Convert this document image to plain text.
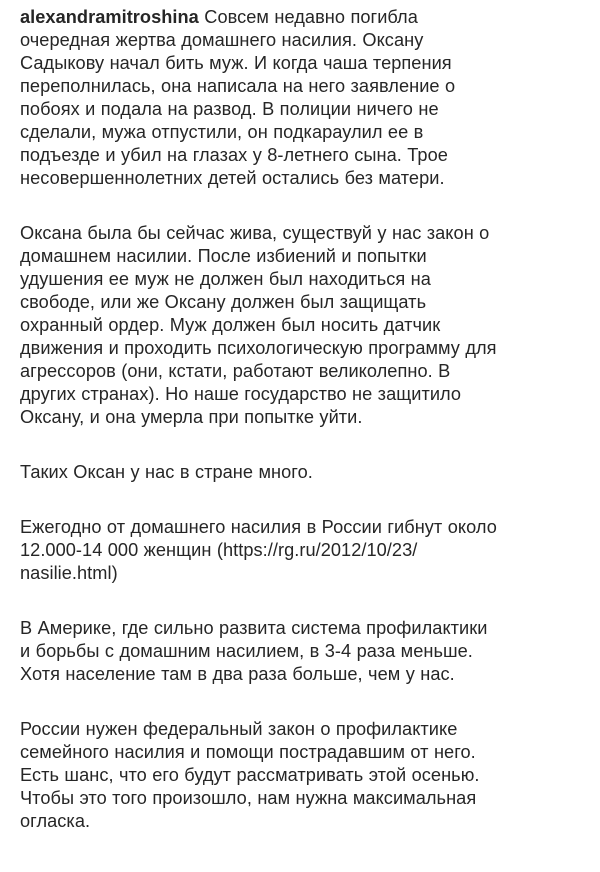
alexandramitroshina Совсем недавно погибла
очередная жертва домашнего насилия. Оксану
Садыкову начал бить муж. И когда чаша терпения
переполнилась, она написала на него заявление о
побоях и подала на развод. В полиции ничего не
сделали, мужа отпустили, он подкараулил ее в
подъезде и убил на глазах у 8-летнего сына. Трое
несовершеннолетних детей остались без матери.

Оксана была бы сейчас жива, существуй у нас закон о
домашнем насилии. После избиений и попытки
удушения ее муж не должен был находиться на
свободе, или же Оксану должен был защищать
охранный ордер. Муж должен был носить датчик
движения и проходить психологическую программу для
агрессоров (они, кстати, работают великолепно. В
других странах). Но наше государство не защитило
Оксану, и она умерла при попытке уйти.

Таких Оксан у нас в стране много.

Ежегодно от домашнего насилия в России гибнут около
12.000-14 000 женщин (https://rg.ru/2012/10/23/
nasilie.html)

В Америке, где сильно развита система профилактики
и борьбы с домашним насилием, в 3-4 раза меньше.
Хотя население там в два раза больше, чем у нас.

России нужен федеральный закон о профилактике
семейного насилия и помощи пострадавшим от него.
Есть шанс, что его будут рассматривать этой осенью.
Чтобы это того произошло, нам нужна максимальная
огласка.
